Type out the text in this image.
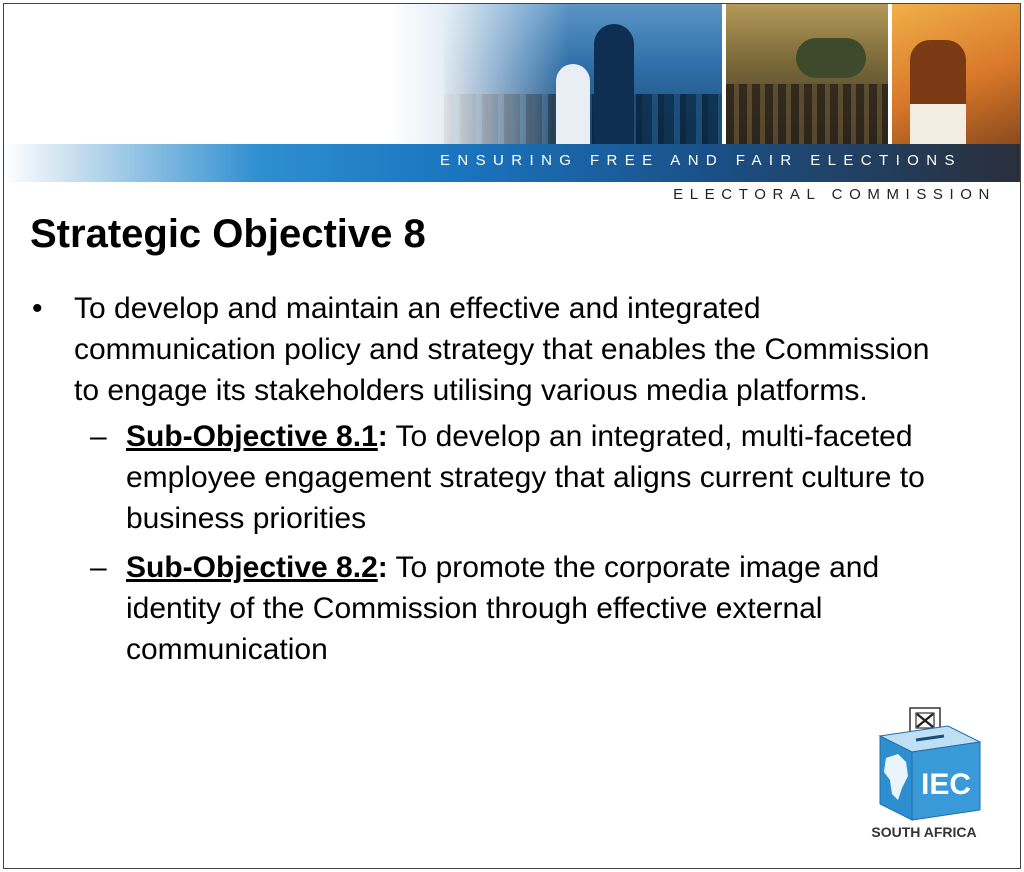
ENSURING FREE AND FAIR ELECTIONS
ELECTORAL COMMISSION
Strategic Objective 8

• To develop and maintain an effective and integrated communication policy and strategy that enables the Commission to engage its stakeholders utilising various media platforms.

– Sub-Objective 8.1: To develop an integrated, multi-faceted employee engagement strategy that aligns current culture to business priorities

– Sub-Objective 8.2: To promote the corporate image and identity of the Commission through effective external communication

IEC
SOUTH AFRICA
